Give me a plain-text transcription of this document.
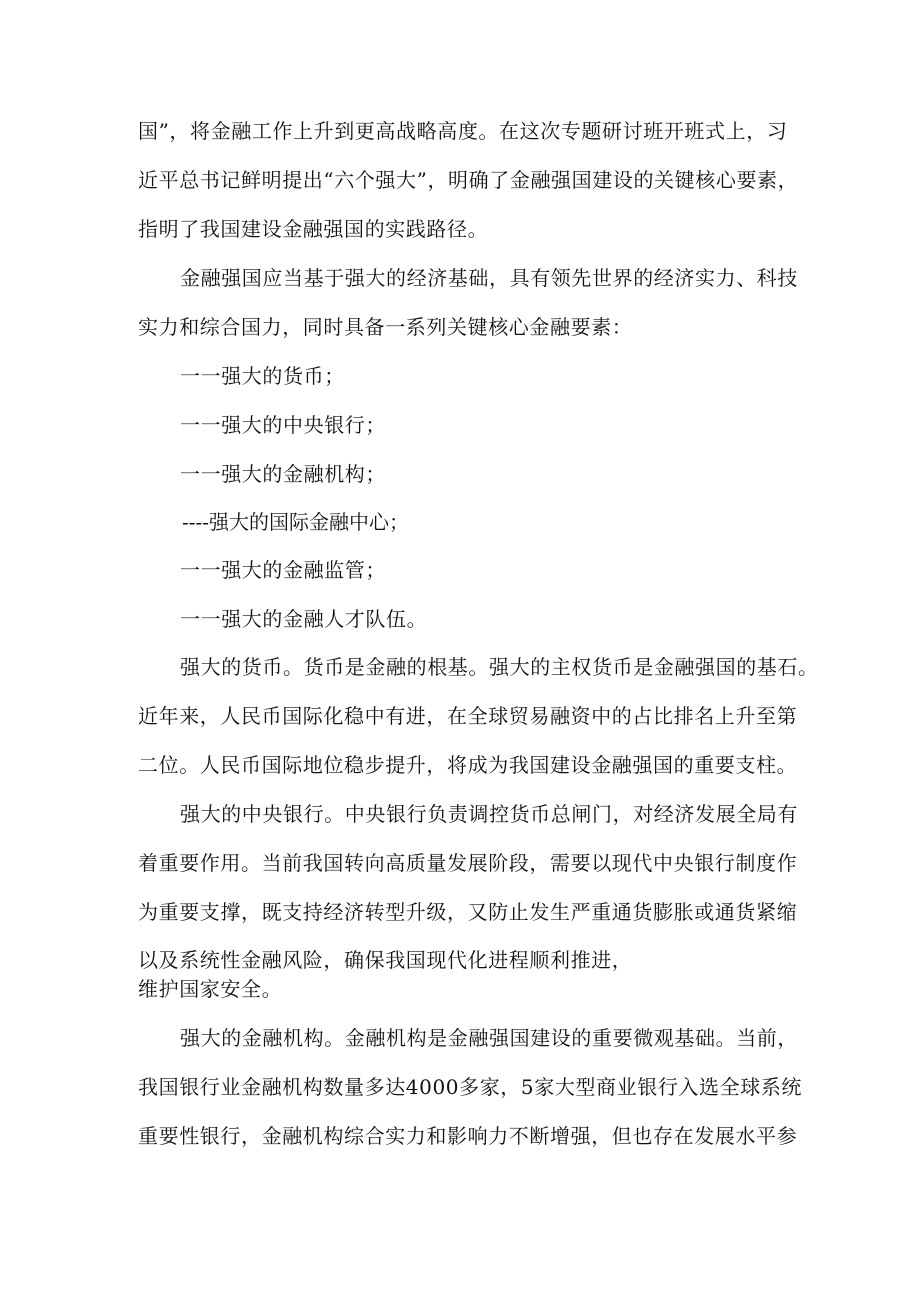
国”，将金融工作上升到更高战略高度。在这次专题研讨班开班式上，习

近平总书记鲜明提出“六个强大”，明确了金融强国建设的关键核心要素，

指明了我国建设金融强国的实践路径。

金融强国应当基于强大的经济基础，具有领先世界的经济实力、科技

实力和综合国力，同时具备一系列关键核心金融要素：

一一强大的货币；

一一强大的中央银行；

一一强大的金融机构；

----强大的国际金融中心；

一一强大的金融监管；

一一强大的金融人才队伍。

强大的货币。货币是金融的根基。强大的主权货币是金融强国的基石。

近年来，人民币国际化稳中有进，在全球贸易融资中的占比排名上升至第

二位。人民币国际地位稳步提升，将成为我国建设金融强国的重要支柱。

强大的中央银行。中央银行负责调控货币总闸门，对经济发展全局有

着重要作用。当前我国转向高质量发展阶段，需要以现代中央银行制度作

为重要支撑，既支持经济转型升级，又防止发生严重通货膨胀或通货紧缩

以及系统性金融风险，确保我国现代化进程顺利推进，

维护国家安全。

强大的金融机构。金融机构是金融强国建设的重要微观基础。当前，

我国银行业金融机构数量多达4000多家，5家大型商业银行入选全球系统

重要性银行，金融机构综合实力和影响力不断增强，但也存在发展水平参
